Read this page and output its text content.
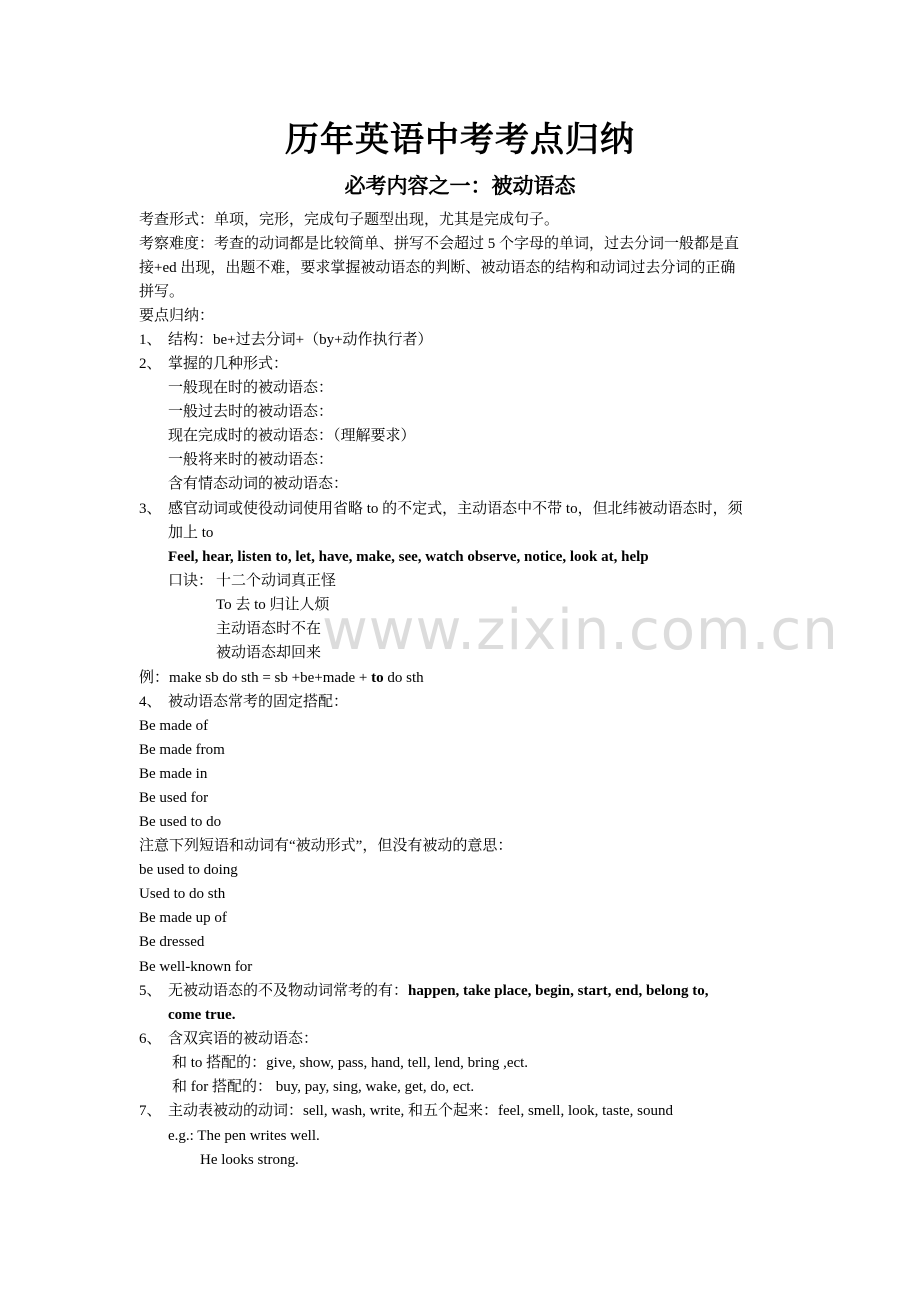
历年英语中考考点归纳
必考内容之一：被动语态
www.zixin.com.cn
考查形式：单项，完形，完成句子题型出现，尤其是完成句子。
考察难度：考查的动词都是比较简单、拼写不会超过 5 个字母的单词，过去分词一般都是直
接+ed 出现，出题不难，要求掌握被动语态的判断、被动语态的结构和动词过去分词的正确
拼写。
要点归纳：
1、 结构：be+过去分词+（by+动作执行者）
2、 掌握的几种形式：
一般现在时的被动语态：
一般过去时的被动语态：
现在完成时的被动语态：（理解要求）
一般将来时的被动语态：
含有情态动词的被动语态：
3、 感官动词或使役动词使用省略 to 的不定式，主动语态中不带 to，但北纬被动语态时，须
加上 to
Feel, hear, listen to, let, have, make, see, watch observe, notice, look at, help
口诀： 十二个动词真正怪
To 去 to 归让人烦
主动语态时不在
被动语态却回来
例：make sb do sth = sb +be+made + to do sth
4、 被动语态常考的固定搭配：
Be made of
Be made from
Be made in
Be used for
Be used to do
注意下列短语和动词有“被动形式”，但没有被动的意思：
be used to doing
Used to do sth
Be made up of
Be dressed
Be well-known for
5、 无被动语态的不及物动词常考的有：happen, take place, begin, start, end, belong to,
come true.
6、 含双宾语的被动语态：
和 to 搭配的：give, show, pass, hand, tell, lend, bring ,ect.
和 for 搭配的： buy, pay, sing, wake, get, do, ect.
7、 主动表被动的动词：sell, wash, write, 和五个起来：feel, smell, look, taste, sound
e.g.: The pen writes well.
He looks strong.
